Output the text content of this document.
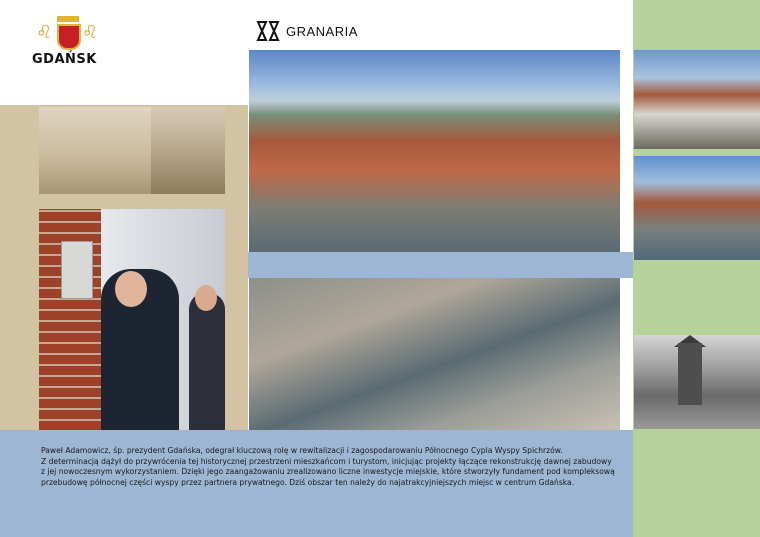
♌ ♌
GDAŃSK
GRANARIA

Paweł Adamowicz, śp. prezydent Gdańska, odegrał kluczową rolę w rewitalizacji i zagospodarowaniu Północnego Cypla Wyspy Spichrzów.

Z determinacją dążył do przywrócenia tej historycznej przestrzeni mieszkańcom i turystom, inicjując projekty łączące rekonstrukcję dawnej zabudowy

z jej nowoczesnym wykorzystaniem. Dzięki jego zaangażowaniu zrealizowano liczne inwestycje miejskie, które stworzyły fundament pod kompleksową

przebudowę północnej części wyspy przez partnera prywatnego. Dziś obszar ten należy do najatrakcyjniejszych miejsc w centrum Gdańska.
